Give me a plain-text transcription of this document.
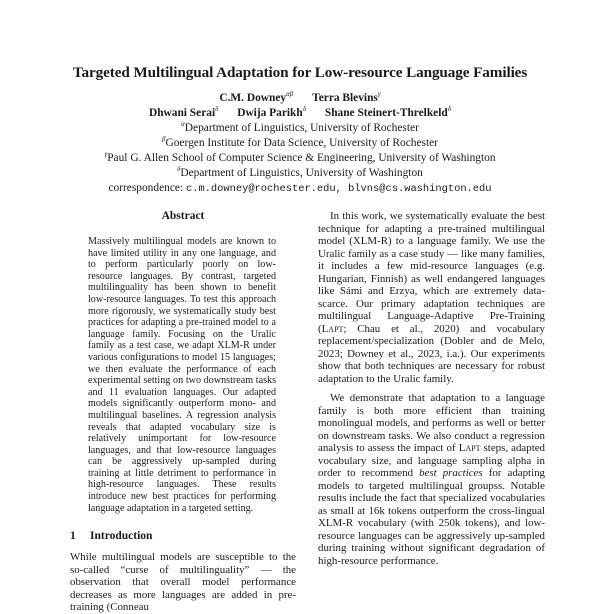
Targeted Multilingual Adaptation for Low-resource Language Families
C.M. Downey$^{\alpha\beta}$ Terra Blevins$^\gamma$
Dhwani Serai$^\delta$ Dwija Parikh$^\delta$ Shane Steinert-Threlkeld$^\delta$
$^\alpha$Department of Linguistics, University of Rochester
$^\beta$Goergen Institute for Data Science, University of Rochester
$^\gamma$Paul G. Allen School of Computer Science & Engineering, University of Washington
$^\delta$Department of Linguistics, University of Washington
correspondence: c.m.downey@rochester.edu, blvns@cs.washington.edu
Abstract

Massively multilingual models are known to have limited utility in any one language, and to perform particularly poorly on low-resource languages. By contrast, targeted multilinguality has been shown to benefit low-resource languages. To test this approach more rigorously, we systematically study best practices for adapting a pre-trained model to a language family. Focusing on the Uralic family as a test case, we adapt XLM-R under various configurations to model 15 languages; we then evaluate the performance of each experimental setting on two downstream tasks and 11 evaluation languages. Our adapted models significantly outperform mono- and multilingual baselines. A regression analysis reveals that adapted vocabulary size is relatively unimportant for low-resource languages, and that low-resource languages can be aggressively up-sampled during training at little detriment to performance in high-resource languages. These results introduce new best practices for performing language adaptation in a targeted setting.

1 Introduction

While multilingual models are susceptible to the so-called “curse of multilinguality” — the observation that overall model performance decreases as more languages are added in pre-training (Conneau

In this work, we systematically evaluate the best technique for adapting a pre-trained multilingual model (XLM-R) to a language family. We use the Uralic family as a case study — like many families, it includes a few mid-resource languages (e.g. Hungarian, Finnish) as well endangered languages like Sámi and Erzya, which are extremely data-scarce. Our primary adaptation techniques are multilingual Language-Adaptive Pre-Training (Lapt; Chau et al., 2020) and vocabulary replacement/specialization (Dobler and de Melo, 2023; Downey et al., 2023, i.a.). Our experiments show that both techniques are necessary for robust adaptation to the Uralic family.

We demonstrate that adaptation to a language family is both more efficient than training monolingual models, and performs as well or better on downstream tasks. We also conduct a regression analysis to assess the impact of Lapt steps, adapted vocabulary size, and language sampling alpha in order to recommend best practices for adapting models to targeted multilingual groupss. Notable results include the fact that specialized vocabularies as small at 16k tokens outperform the cross-lingual XLM-R vocabulary (with 250k tokens), and low-resource languages can be aggressively up-sampled during training without significant degradation of high-resource performance.
